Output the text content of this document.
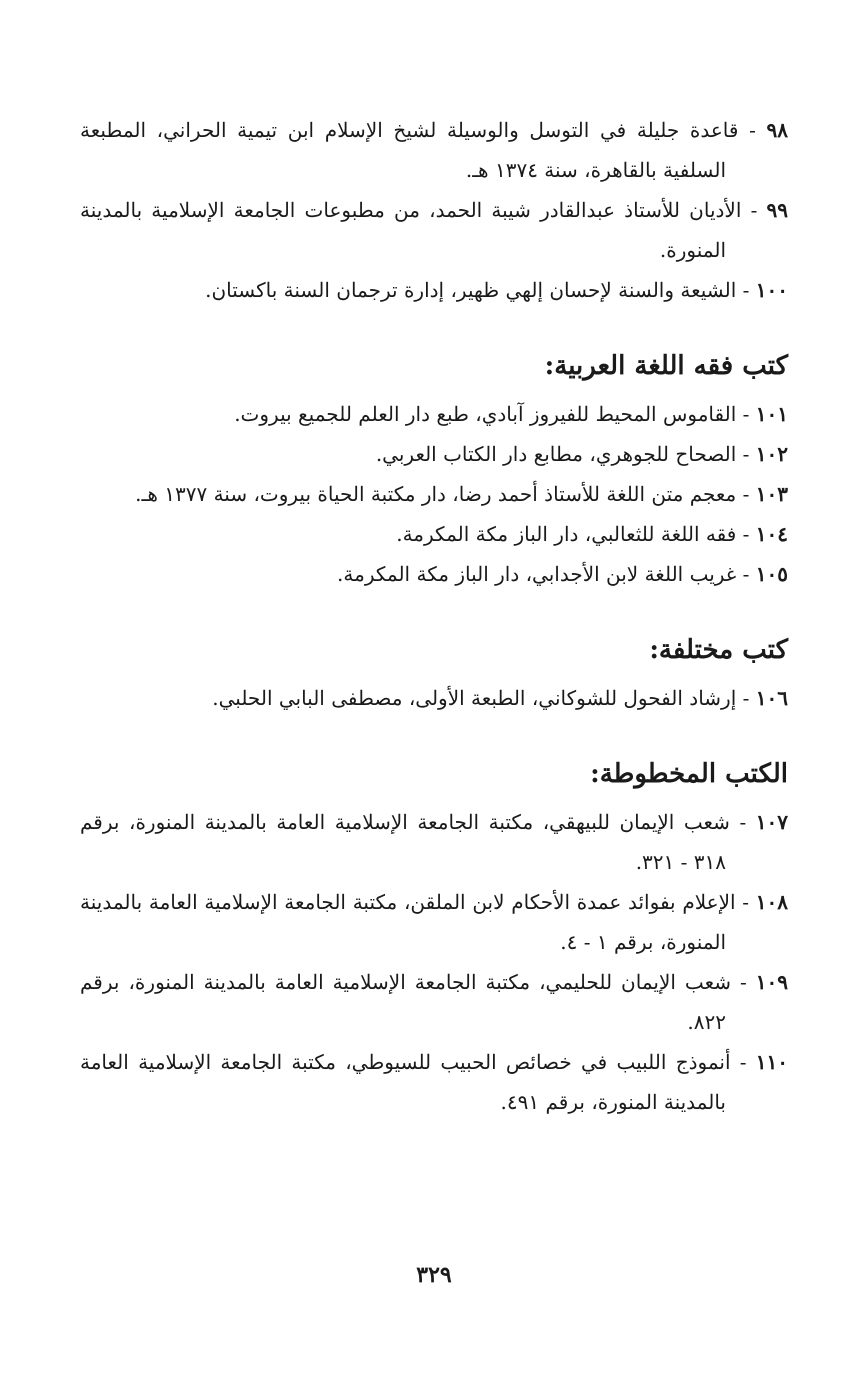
٩٨ - قاعدة جليلة في التوسل والوسيلة لشيخ الإسلام ابن تيمية الحراني، المطبعة السلفية بالقاهرة، سنة ١٣٧٤ هـ.
٩٩ - الأديان للأستاذ عبدالقادر شيبة الحمد، من مطبوعات الجامعة الإسلامية بالمدينة المنورة.
١٠٠ - الشيعة والسنة لإحسان إلهي ظهير، إدارة ترجمان السنة باكستان.
كتب فقه اللغة العربية:
١٠١ - القاموس المحيط للفيروز آبادي، طبع دار العلم للجميع بيروت.
١٠٢ - الصحاح للجوهري، مطابع دار الكتاب العربي.
١٠٣ - معجم متن اللغة للأستاذ أحمد رضا، دار مكتبة الحياة بيروت، سنة ١٣٧٧ هـ.
١٠٤ - فقه اللغة للثعالبي، دار الباز مكة المكرمة.
١٠٥ - غريب اللغة لابن الأجدابي، دار الباز مكة المكرمة.
كتب مختلفة:
١٠٦ - إرشاد الفحول للشوكاني، الطبعة الأولى، مصطفى البابي الحلبي.
الكتب المخطوطة:
١٠٧ - شعب الإيمان للبيهقي، مكتبة الجامعة الإسلامية العامة بالمدينة المنورة، برقم ٣١٨ - ٣٢١.
١٠٨ - الإعلام بفوائد عمدة الأحكام لابن الملقن، مكتبة الجامعة الإسلامية العامة بالمدينة المنورة، برقم ١ - ٤.
١٠٩ - شعب الإيمان للحليمي، مكتبة الجامعة الإسلامية العامة بالمدينة المنورة، برقم ٨٢٢.
١١٠ - أنموذج اللبيب في خصائص الحبيب للسيوطي، مكتبة الجامعة الإسلامية العامة بالمدينة المنورة، برقم ٤٩١.
٣٢٩
